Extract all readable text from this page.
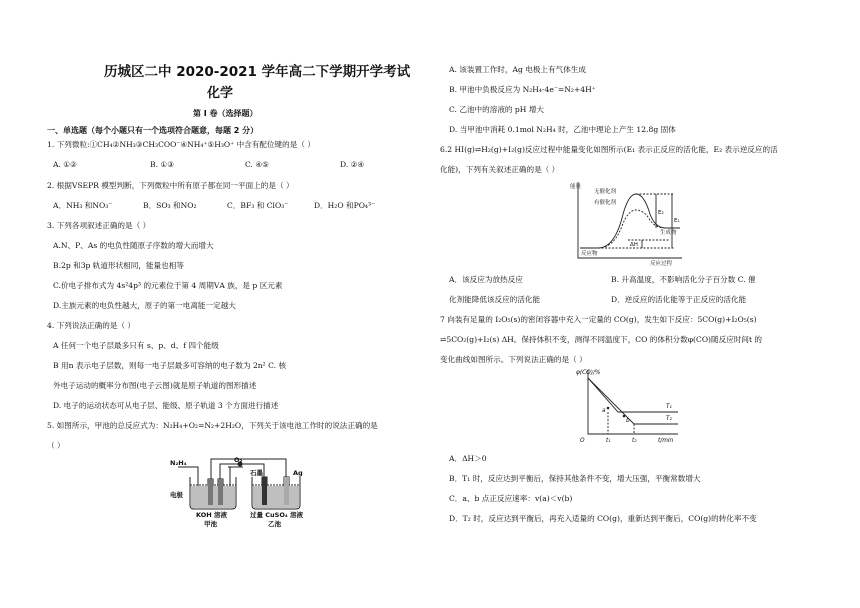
历城区二中 2020-2021 学年高二下学期开学考试
化学
第 Ⅰ 卷（选择题）
一、单选题（每个小题只有一个选项符合题意，每题 2 分）
1. 下列微粒:①CH₄②NH₃③CH₃COO⁻④NH₄⁺⑤H₃O⁺ 中含有配位键的是（ ）
A. ①②	B. ①③	C. ④⑤	D. ②④
2. 根据VSEPR 模型判断，下列微粒中所有原子都在同一平面上的是（ ）
A．NH₃ 和NO₃⁻	B．SO₃ 和NO₂	C．BF₃ 和 ClO₃⁻	D．H₂O 和PO₄³⁻
3. 下列各项叙述正确的是（ ）
A.N、P、As 的电负性随原子序数的增大而增大
B.2p 和3p 轨道形状相同，能量也相等
C.价电子排布式为 4s²4p³ 的元素位于第 4 周期ⅤA 族，是 p 区元素
D.主族元素的电负性越大，原子的第一电离能一定越大
4. 下列说法正确的是（ ）
A 任何一个电子层最多只有 s、p、d、f 四个能级
B 用n 表示电子层数，则每一电子层最多可容纳的电子数为 2n² C. 核
外电子运动的概率分布图(电子云图)就是原子轨道的图形描述
D. 电子的运动状态可从电子层、能级、原子轨道 3 个方面进行描述
5. 如图所示，甲池的总反应式为：N₂H₄+O₂=N₂+2H₂O，下列关于该电池工作时的说法正确的是
（ ）
N₂H₄	O₂
石墨	Ag
电极
KOH 溶液	过量 CuSO₄ 溶液
甲池	乙池
A. 该装置工作时，Ag 电极上有气体生成
B. 甲池中负极反应为 N₂H₄-4e⁻=N₂+4H⁺
C. 乙池中的溶液的 pH 增大
D. 当甲池中消耗 0.1mol N₂H₄ 时，乙池中理论上产生 12.8g 固体
6.2 HI(g)⇌H₂(g)+I₂(g)反应过程中能量变化如图所示(E₁ 表示正反应的活化能，E₂ 表示逆反应的活
化能)，下列有关叙述正确的是（ ）
能量
无催化剂
有催化剂
生成物
反应物
E₂
E₁
ΔH
反应过程
A．该反应为放热反应	B. 升高温度，不影响活化分子百分数 C. 催
化剂能降低该反应的活化能	D．逆反应的活化能等于正反应的活化能
7 向装有足量的 I₂O₅(s)的密闭容器中充入一定量的 CO(g)，发生如下反应：5CO(g)+I₂O₅(s)
⇌5CO₂(g)+I₂(s) ΔH。保持体积不变，测得不同温度下，CO 的体积分数φ(CO)随反应时间t 的
变化曲线如图所示。下列说法正确的是（ ）
φ(CO)/%
O	t₁	t₂	t/min
T₁
T₂
a
b
A．ΔH＞0
B．T₁ 时，反应达到平衡后，保持其他条件不变，增大压强，平衡常数增大
C．a、b 点正反应速率：v(a)＜v(b)
D．T₂ 时，反应达到平衡后，再充入适量的 CO(g)，重新达到平衡后，CO(g)的转化率不变
